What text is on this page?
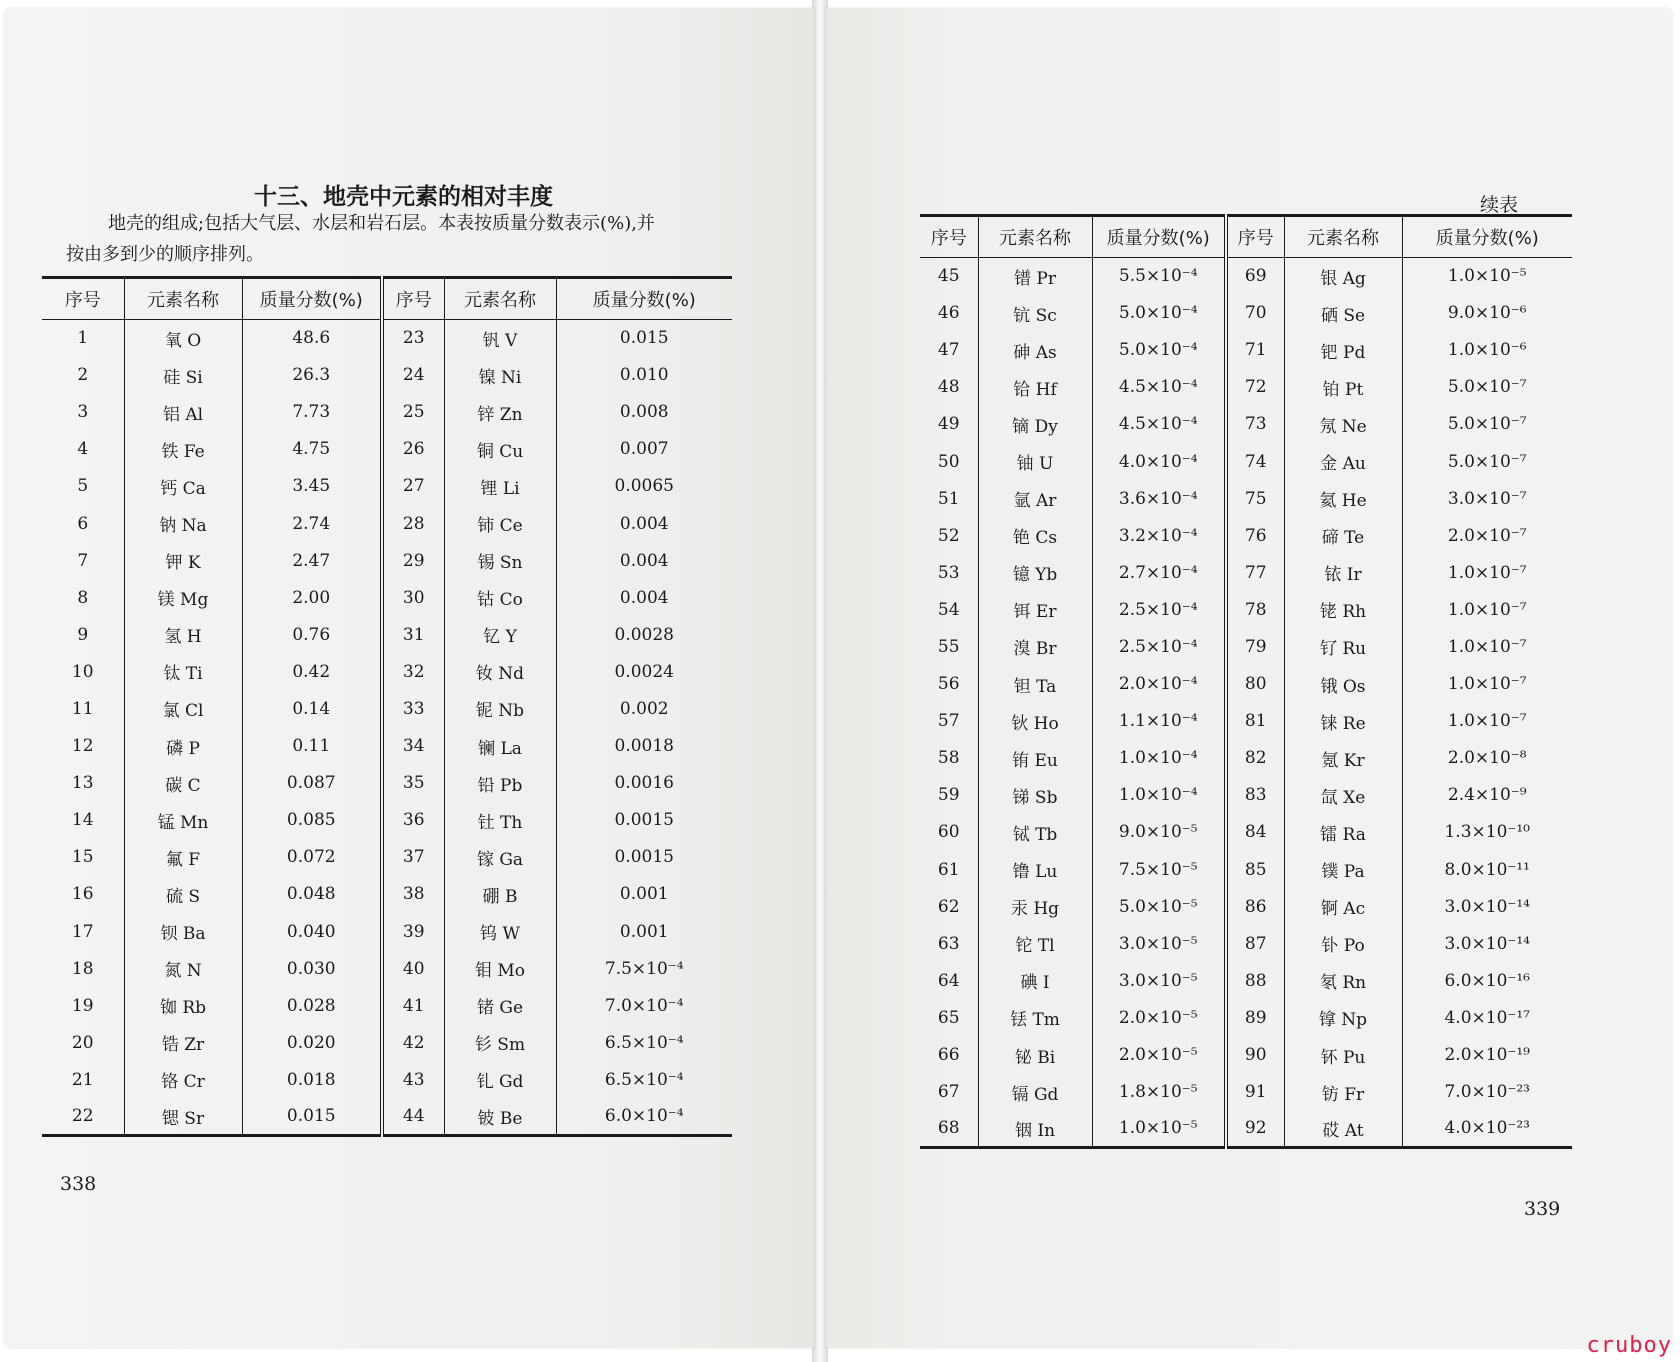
十三、地壳中元素的相对丰度
地壳的组成;包括大气层、水层和岩石层。本表按质量分数表示(%),并
按由多到少的顺序排列。
序号	元素名称	质量分数(%)	序号	元素名称	质量分数(%)
1	氧 O	48.6	23	钒 V	0.015
2	硅 Si	26.3	24	镍 Ni	0.010
3	铝 Al	7.73	25	锌 Zn	0.008
4	铁 Fe	4.75	26	铜 Cu	0.007
5	钙 Ca	3.45	27	锂 Li	0.0065
6	钠 Na	2.74	28	铈 Ce	0.004
7	钾 K	2.47	29	锡 Sn	0.004
8	镁 Mg	2.00	30	钴 Co	0.004
9	氢 H	0.76	31	钇 Y	0.0028
10	钛 Ti	0.42	32	钕 Nd	0.0024
11	氯 Cl	0.14	33	铌 Nb	0.002
12	磷 P	0.11	34	镧 La	0.0018
13	碳 C	0.087	35	铅 Pb	0.0016
14	锰 Mn	0.085	36	钍 Th	0.0015
15	氟 F	0.072	37	镓 Ga	0.0015
16	硫 S	0.048	38	硼 B	0.001
17	钡 Ba	0.040	39	钨 W	0.001
18	氮 N	0.030	40	钼 Mo	7.5×10⁻⁴
19	铷 Rb	0.028	41	锗 Ge	7.0×10⁻⁴
20	锆 Zr	0.020	42	钐 Sm	6.5×10⁻⁴
21	铬 Cr	0.018	43	钆 Gd	6.5×10⁻⁴
22	锶 Sr	0.015	44	铍 Be	6.0×10⁻⁴
338
续表
序号	元素名称	质量分数(%)	序号	元素名称	质量分数(%)
45	镨 Pr	5.5×10⁻⁴	69	银 Ag	1.0×10⁻⁵
46	钪 Sc	5.0×10⁻⁴	70	硒 Se	9.0×10⁻⁶
47	砷 As	5.0×10⁻⁴	71	钯 Pd	1.0×10⁻⁶
48	铪 Hf	4.5×10⁻⁴	72	铂 Pt	5.0×10⁻⁷
49	镝 Dy	4.5×10⁻⁴	73	氖 Ne	5.0×10⁻⁷
50	铀 U	4.0×10⁻⁴	74	金 Au	5.0×10⁻⁷
51	氩 Ar	3.6×10⁻⁴	75	氦 He	3.0×10⁻⁷
52	铯 Cs	3.2×10⁻⁴	76	碲 Te	2.0×10⁻⁷
53	镱 Yb	2.7×10⁻⁴	77	铱 Ir	1.0×10⁻⁷
54	铒 Er	2.5×10⁻⁴	78	铑 Rh	1.0×10⁻⁷
55	溴 Br	2.5×10⁻⁴	79	钌 Ru	1.0×10⁻⁷
56	钽 Ta	2.0×10⁻⁴	80	锇 Os	1.0×10⁻⁷
57	钬 Ho	1.1×10⁻⁴	81	铼 Re	1.0×10⁻⁷
58	铕 Eu	1.0×10⁻⁴	82	氪 Kr	2.0×10⁻⁸
59	锑 Sb	1.0×10⁻⁴	83	氙 Xe	2.4×10⁻⁹
60	铽 Tb	9.0×10⁻⁵	84	镭 Ra	1.3×10⁻¹⁰
61	镥 Lu	7.5×10⁻⁵	85	镤 Pa	8.0×10⁻¹¹
62	汞 Hg	5.0×10⁻⁵	86	锕 Ac	3.0×10⁻¹⁴
63	铊 Tl	3.0×10⁻⁵	87	钋 Po	3.0×10⁻¹⁴
64	碘 I	3.0×10⁻⁵	88	氡 Rn	6.0×10⁻¹⁶
65	铥 Tm	2.0×10⁻⁵	89	镎 Np	4.0×10⁻¹⁷
66	铋 Bi	2.0×10⁻⁵	90	钚 Pu	2.0×10⁻¹⁹
67	镉 Gd	1.8×10⁻⁵	91	钫 Fr	7.0×10⁻²³
68	铟 In	1.0×10⁻⁵	92	砹 At	4.0×10⁻²³
339
cruboy
